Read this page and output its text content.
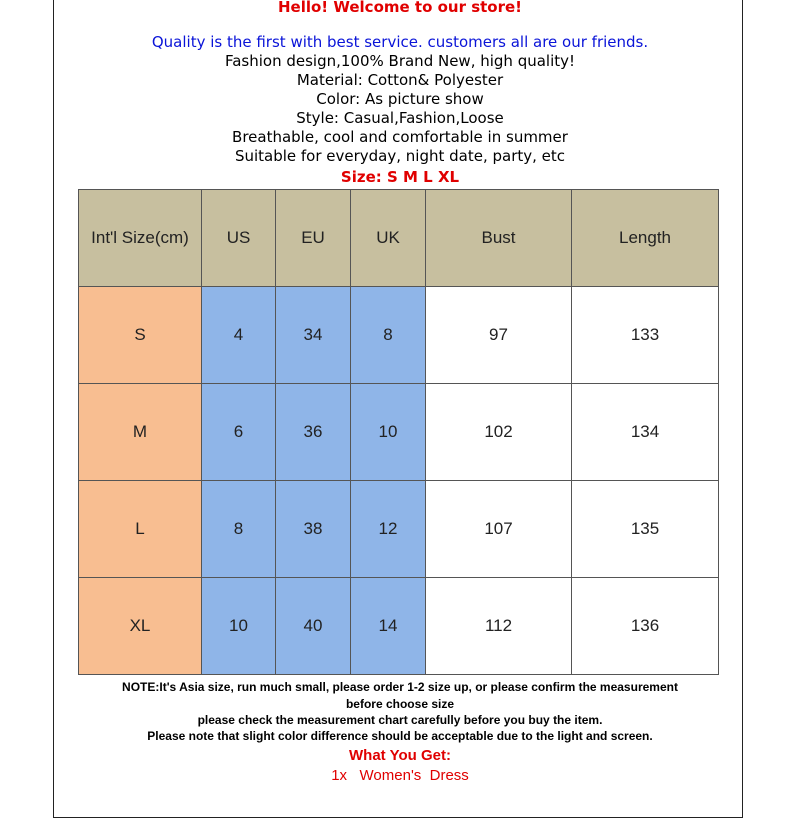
Hello! Welcome to our store!
Quality is the first with best service. customers all are our friends.
Fashion design,100% Brand New, high quality!
Material: Cotton& Polyester
Color: As picture show
Style: Casual,Fashion,Loose
Breathable, cool and comfortable in summer
Suitable for everyday, night date, party, etc
Size: S M L XL
Int'l Size(cm)	US	EU	UK	Bust	Length
S	4	34	8	97	133
M	6	36	10	102	134
L	8	38	12	107	135
XL	10	40	14	112	136
NOTE:It's Asia size, run much small, please order 1-2 size up, or please confirm the measurement
before choose size
please check the measurement chart carefully before you buy the item.
Please note that slight color difference should be acceptable due to the light and screen.
What You Get:
1x   Women's  Dress
